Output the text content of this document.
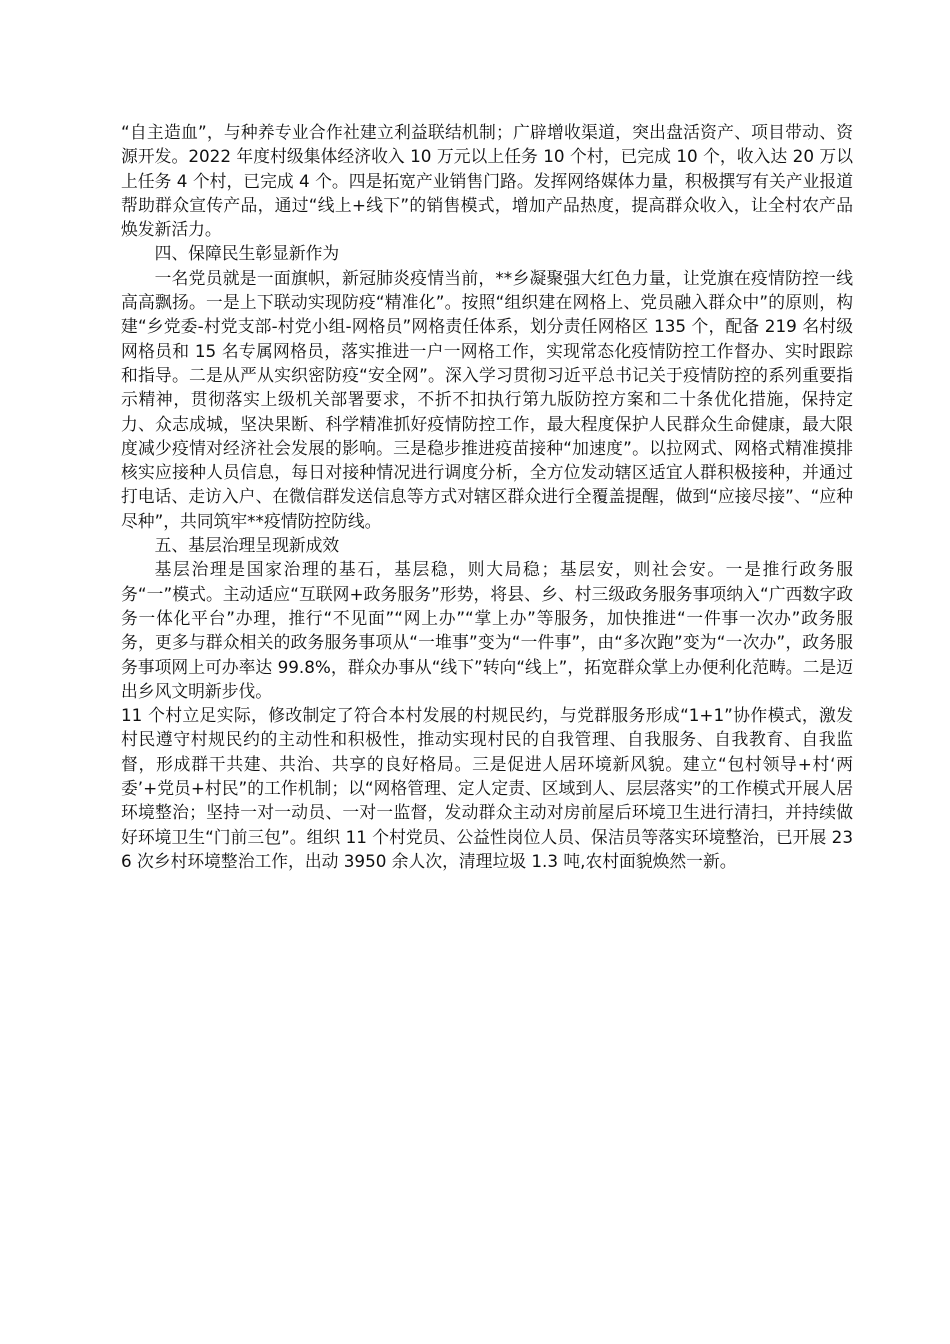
“自主造血”，与种养专业合作社建立利益联结机制；广辟增收渠道，突出盘活资产、项目带动、资源开发。2022 年度村级集体经济收入 10 万元以上任务 10 个村，已完成 10 个，收入达 20 万以上任务 4 个村，已完成 4 个。四是拓宽产业销售门路。发挥网络媒体力量，积极撰写有关产业报道帮助群众宣传产品，通过“线上+线下”的销售模式，增加产品热度，提高群众收入，让全村农产品焕发新活力。

四、保障民生彰显新作为

一名党员就是一面旗帜，新冠肺炎疫情当前，**乡凝聚强大红色力量，让党旗在疫情防控一线高高飘扬。一是上下联动实现防疫“精准化”。按照“组织建在网格上、党员融入群众中”的原则，构建“乡党委-村党支部-村党小组-网格员”网格责任体系，划分责任网格区 135 个，配备 219 名村级网格员和 15 名专属网格员，落实推进一户一网格工作，实现常态化疫情防控工作督办、实时跟踪和指导。二是从严从实织密防疫“安全网”。深入学习贯彻习近平总书记关于疫情防控的系列重要指示精神，贯彻落实上级机关部署要求，不折不扣执行第九版防控方案和二十条优化措施，保持定力、众志成城，坚决果断、科学精准抓好疫情防控工作，最大程度保护人民群众生命健康，最大限度减少疫情对经济社会发展的影响。三是稳步推进疫苗接种“加速度”。以拉网式、网格式精准摸排核实应接种人员信息，每日对接种情况进行调度分析，全方位发动辖区适宜人群积极接种，并通过打电话、走访入户、在微信群发送信息等方式对辖区群众进行全覆盖提醒，做到“应接尽接”、“应种尽种”，共同筑牢**疫情防控防线。

五、基层治理呈现新成效

基层治理是国家治理的基石，基层稳，则大局稳；基层安，则社会安。一是推行政务服务“一”模式。主动适应“互联网+政务服务”形势，将县、乡、村三级政务服务事项纳入“广西数字政务一体化平台”办理，推行“不见面”“网上办”“掌上办”等服务，加快推进“一件事一次办”政务服务，更多与群众相关的政务服务事项从“一堆事”变为“一件事”，由“多次跑”变为“一次办”，政务服务事项网上可办率达 99.8%，群众办事从“线下”转向“线上”，拓宽群众掌上办便利化范畴。二是迈出乡风文明新步伐。

11 个村立足实际，修改制定了符合本村发展的村规民约，与党群服务形成“1+1”协作模式，激发村民遵守村规民约的主动性和积极性，推动实现村民的自我管理、自我服务、自我教育、自我监督，形成群干共建、共治、共享的良好格局。三是促进人居环境新风貌。建立“包村领导+村‘两委’+党员+村民”的工作机制；以“网格管理、定人定责、区域到人、层层落实”的工作模式开展人居环境整治；坚持一对一动员、一对一监督，发动群众主动对房前屋后环境卫生进行清扫，并持续做好环境卫生“门前三包”。组织 11 个村党员、公益性岗位人员、保洁员等落实环境整治，已开展 236 次乡村环境整治工作，出动 3950 余人次，清理垃圾 1.3 吨,农村面貌焕然一新。
